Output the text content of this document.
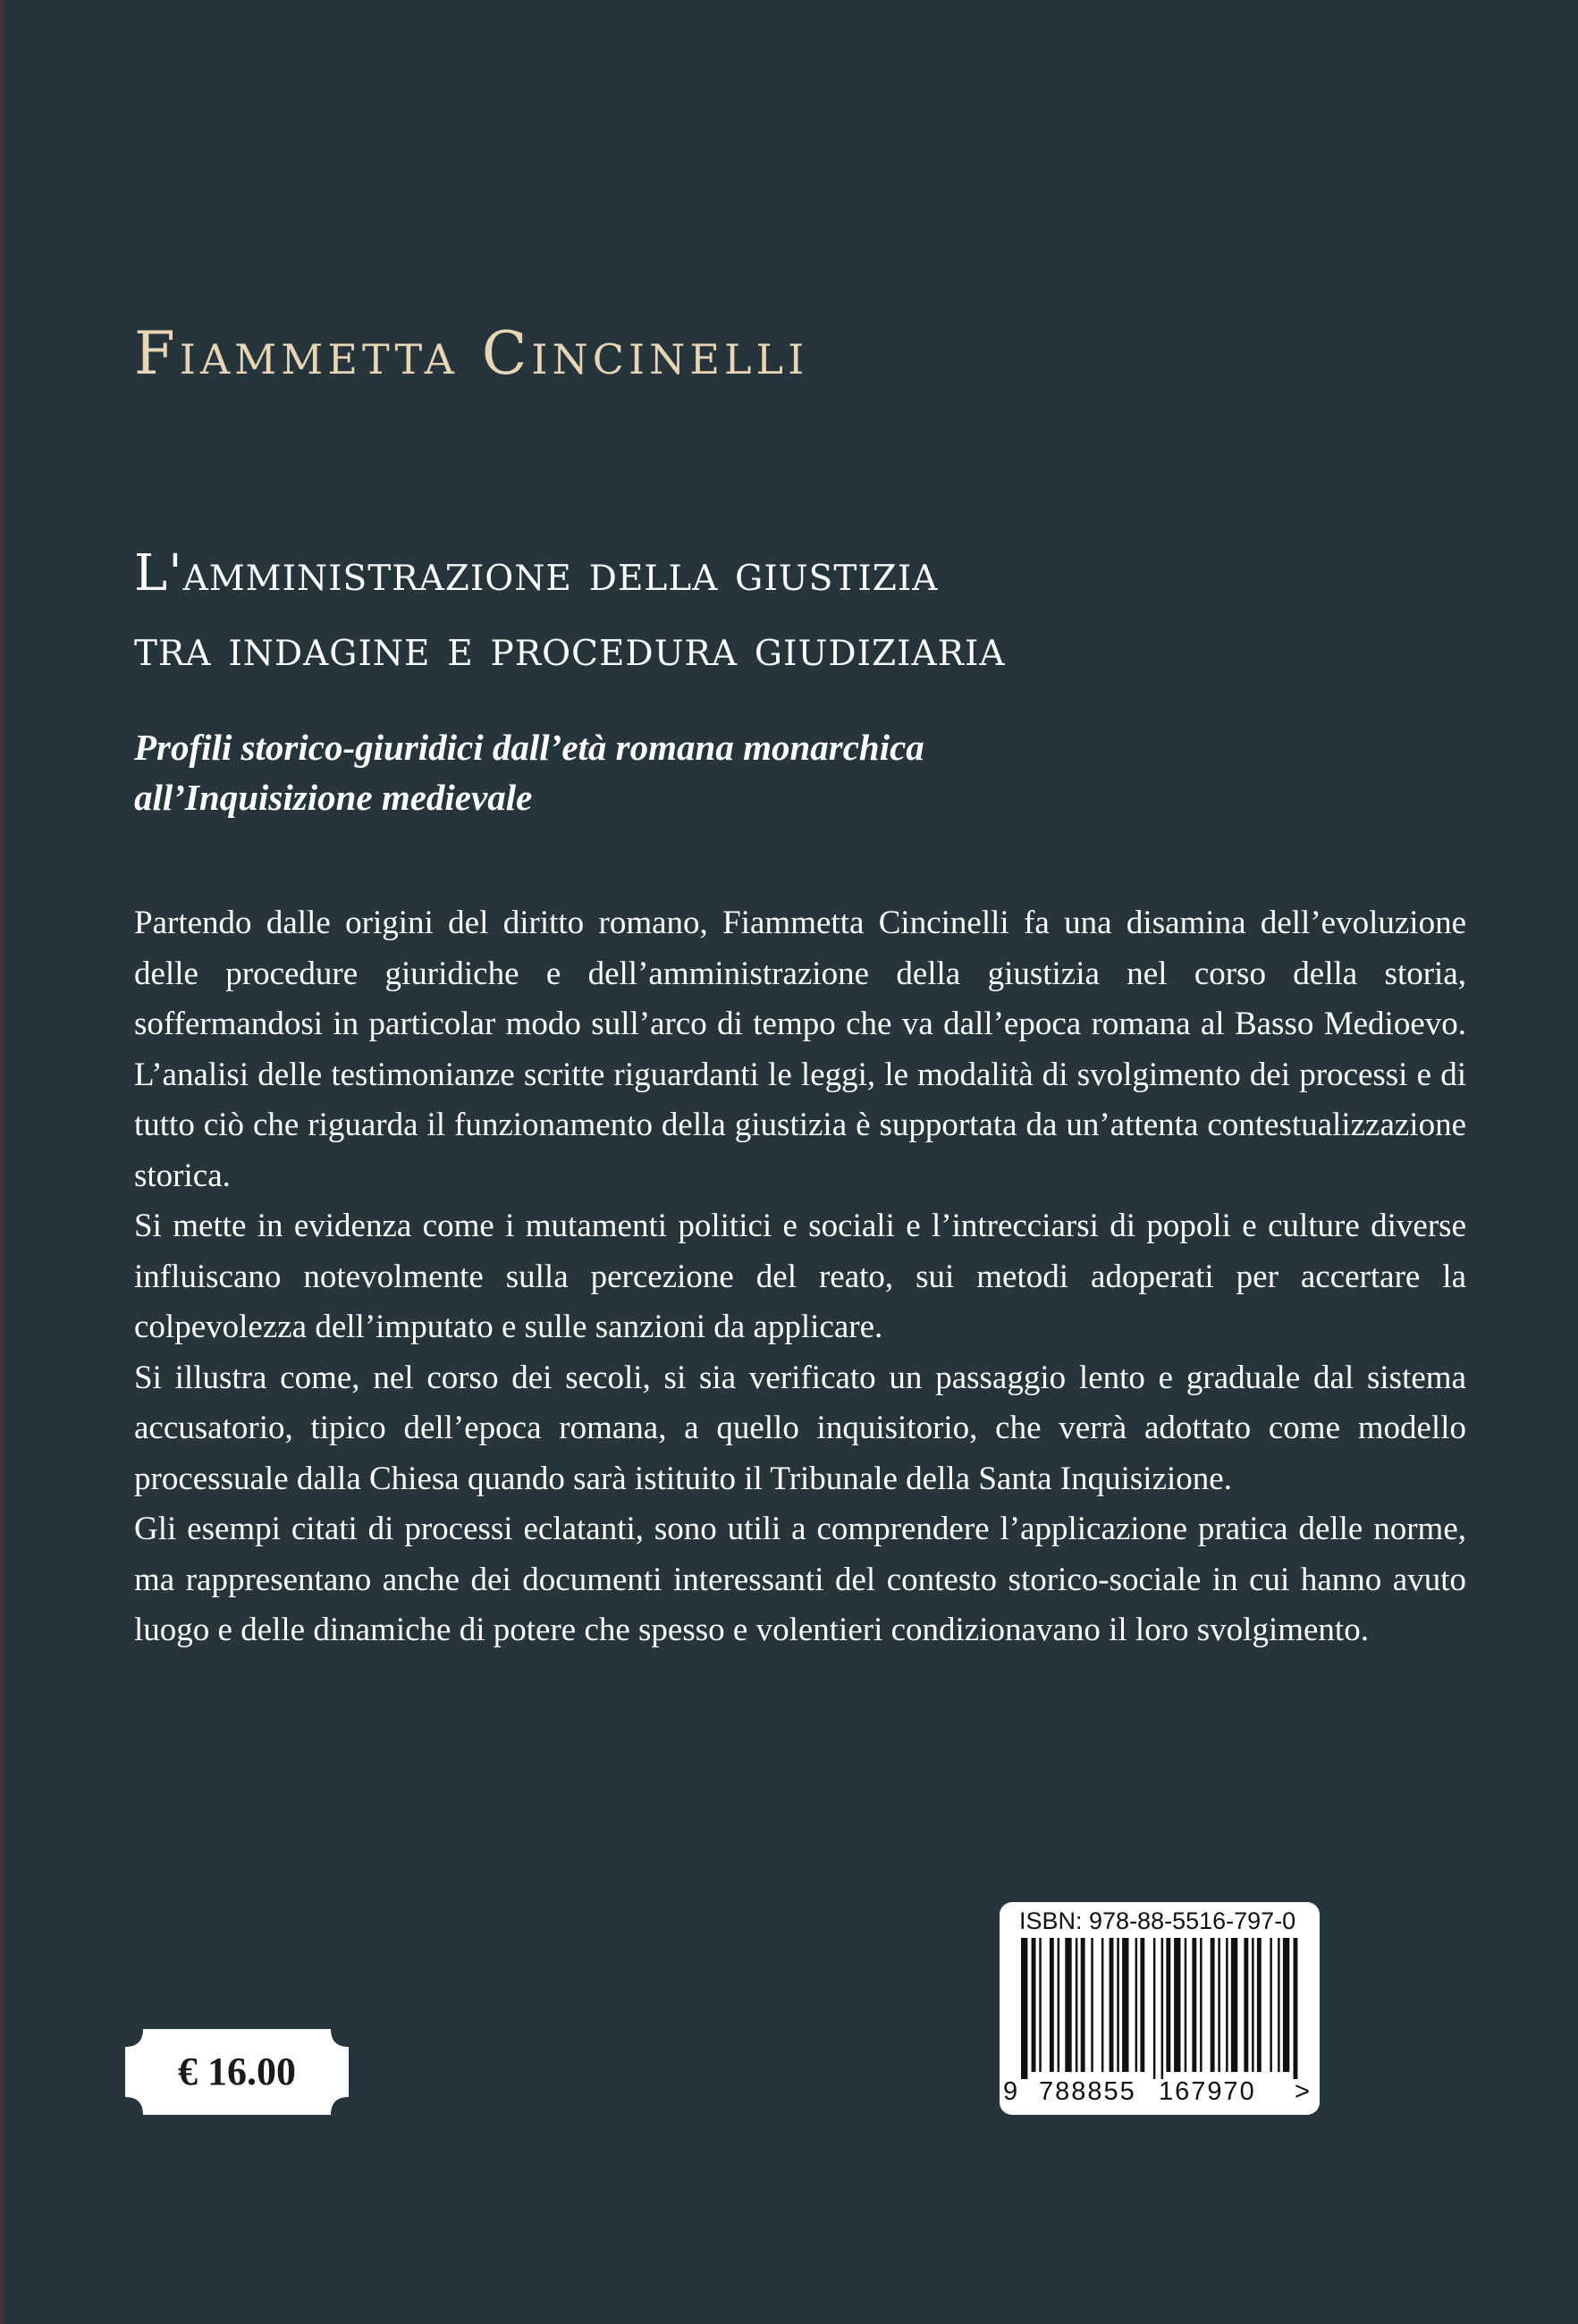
Fiammetta Cincinelli
L'amministrazione della giustizia
tra indagine e procedura giudiziaria
Profili storico-giuridici dall’età romana monarchica
all’Inquisizione medievale

Partendo dalle origini del diritto romano, Fiammetta Cincinelli fa una disamina dell’evoluzione delle procedure giuridiche e dell’amministrazione della giustizia nel corso della storia, soffermandosi in particolar modo sull’arco di tempo che va dall’epoca romana al Basso Medioevo. L’analisi delle testimonianze scritte riguardanti le leggi, le modalità di svolgimento dei processi e di tutto ciò che riguarda il funzionamento della giustizia è supportata da un’attenta contestualizzazione storica.

Si mette in evidenza come i mutamenti politici e sociali e l’intrecciarsi di popoli e culture diverse influiscano notevolmente sulla percezione del reato, sui metodi adoperati per accertare la colpevolezza dell’imputato e sulle sanzioni da applicare.

Si illustra come, nel corso dei secoli, si sia verificato un passaggio lento e graduale dal sistema accusatorio, tipico dell’epoca romana, a quello inquisitorio, che verrà adottato come modello processuale dalla Chiesa quando sarà istituito il Tribunale della Santa Inquisizione.

Gli esempi citati di processi eclatanti, sono utili a comprendere l’applicazione pratica delle norme, ma rappresentano anche dei documenti interessanti del contesto storico-sociale in cui hanno avuto luogo e delle dinamiche di potere che spesso e volentieri condizionavano il loro svolgimento.

€ 16.00
ISBN: 978-88-5516-797-0
9 788855 167970 >
